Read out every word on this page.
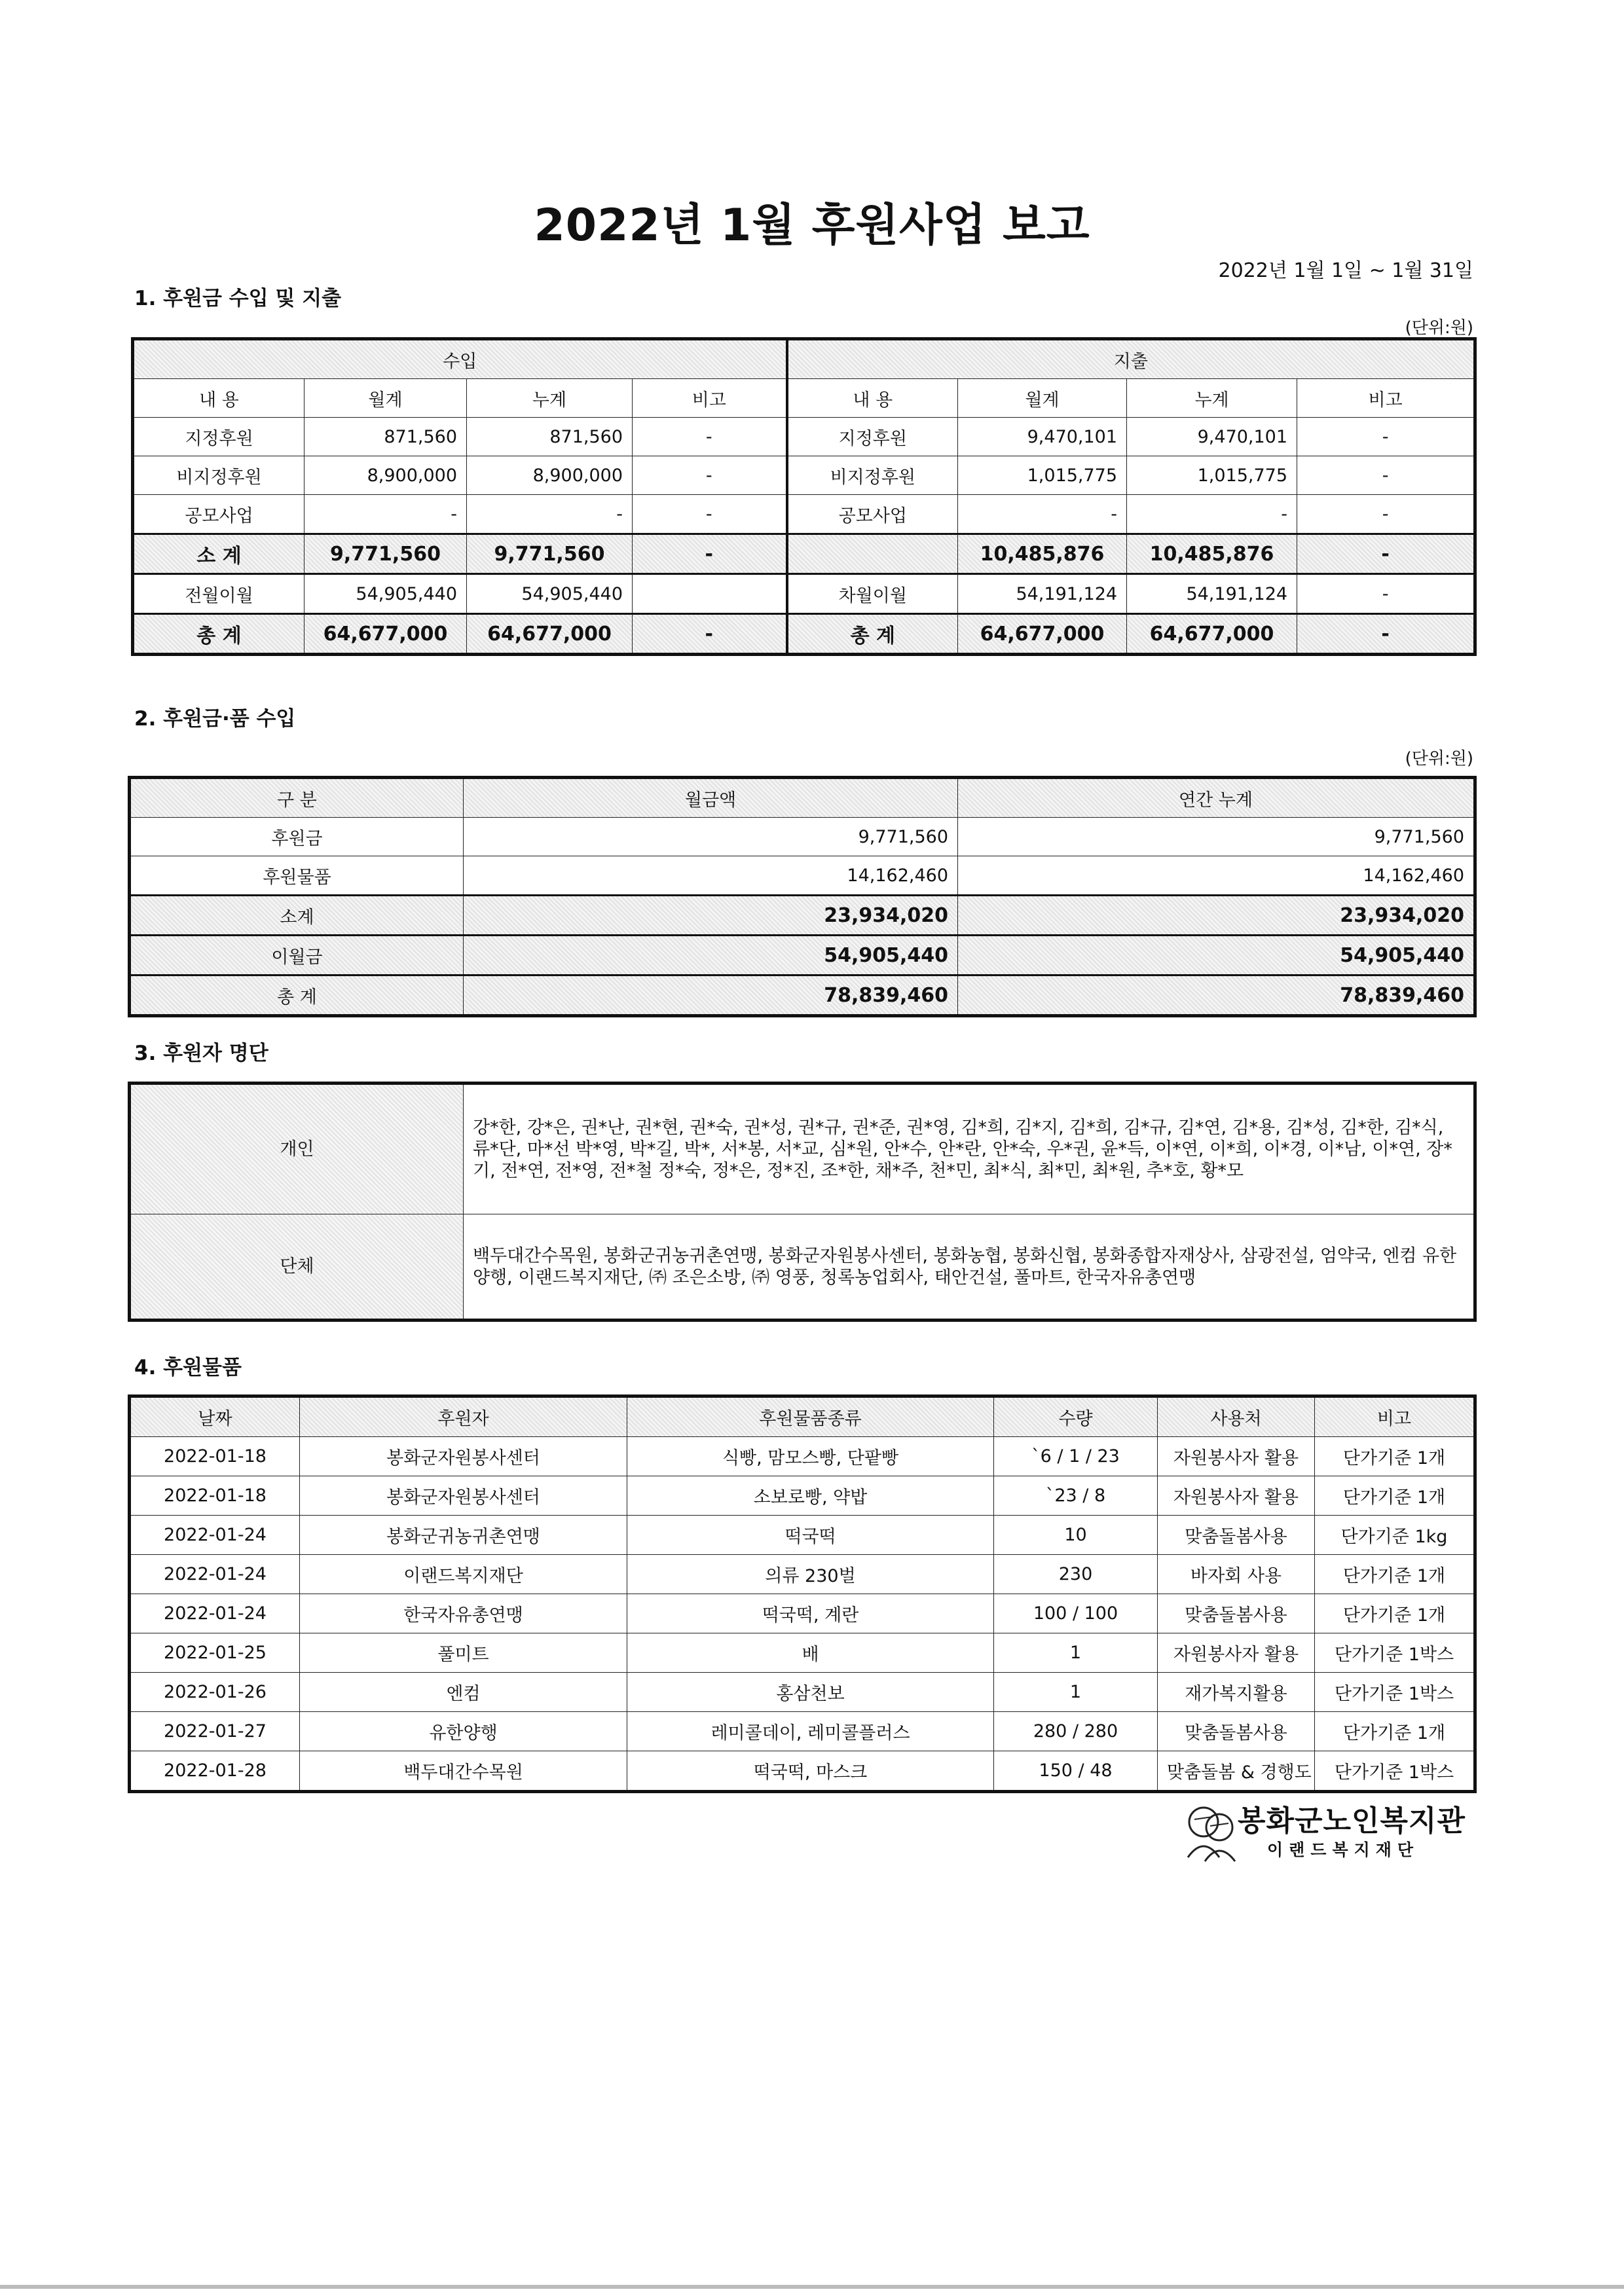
2022년 1월 후원사업 보고
2022년 1월 1일 ~ 1월 31일
1. 후원금 수입 및 지출
(단위:원)
수입				지출			
내 용	월계	누계	비고	내 용	월계	누계	비고
지정후원	871,560	871,560	-	지정후원	9,470,101	9,470,101	-
비지정후원	8,900,000	8,900,000	-	비지정후원	1,015,775	1,015,775	-
공모사업	-	-	-	공모사업	-	-	-
소 계	9,771,560	9,771,560	-		10,485,876	10,485,876	-
전월이월	54,905,440	54,905,440		차월이월	54,191,124	54,191,124	-
총 계	64,677,000	64,677,000	-	총 계	64,677,000	64,677,000	-
2. 후원금·품 수입
(단위:원)
구 분	월금액	연간 누계
후원금	9,771,560	9,771,560
후원물품	14,162,460	14,162,460
소계	23,934,020	23,934,020
이월금	54,905,440	54,905,440
총 계	78,839,460	78,839,460
3. 후원자 명단
개인	강*한, 강*은, 권*난, 권*현, 권*숙, 권*성, 권*규, 권*준, 권*영, 김*희, 김*지, 김*희, 김*규, 김*연, 김*용, 김*성, 김*한, 김*식, 류*단, 마*선 박*영, 박*길, 박*, 서*봉, 서*교, 심*원, 안*수, 안*란, 안*숙, 우*권, 윤*득, 이*연, 이*희, 이*경, 이*남, 이*연, 장*기, 전*연, 전*영, 전*철 정*숙, 정*은, 정*진, 조*한, 채*주, 천*민, 최*식, 최*민, 최*원, 추*호, 황*모
단체	백두대간수목원, 봉화군귀농귀촌연맹, 봉화군자원봉사센터, 봉화농협, 봉화신협, 봉화종합자재상사, 삼광전설, 엄약국, 엔컴 유한양행, 이랜드복지재단, ㈜ 조은소방, ㈜ 영풍, 청록농업회사, 태안건설, 풀마트, 한국자유총연맹
4. 후원물품
날짜	후원자	후원물품종류	수량	사용처	비고
2022-01-18	봉화군자원봉사센터	식빵, 맘모스빵, 단팥빵	`6 / 1 / 23	자원봉사자 활용	단가기준 1개
2022-01-18	봉화군자원봉사센터	소보로빵, 약밥	`23 / 8	자원봉사자 활용	단가기준 1개
2022-01-24	봉화군귀농귀촌연맹	떡국떡	10	맞춤돌봄사용	단가기준 1kg
2022-01-24	이랜드복지재단	의류 230벌	230	바자회 사용	단가기준 1개
2022-01-24	한국자유총연맹	떡국떡, 계란	100 / 100	맞춤돌봄사용	단가기준 1개
2022-01-25	풀미트	배	1	자원봉사자 활용	단가기준 1박스
2022-01-26	엔컴	홍삼천보	1	재가복지활용	단가기준 1박스
2022-01-27	유한양행	레미콜데이, 레미콜플러스	280 / 280	맞춤돌봄사용	단가기준 1개
2022-01-28	백두대간수목원	떡국떡, 마스크	150 / 48	맞춤돌봄 & 경행도	단가기준 1박스
봉화군노인복지관
이랜드복지재단
